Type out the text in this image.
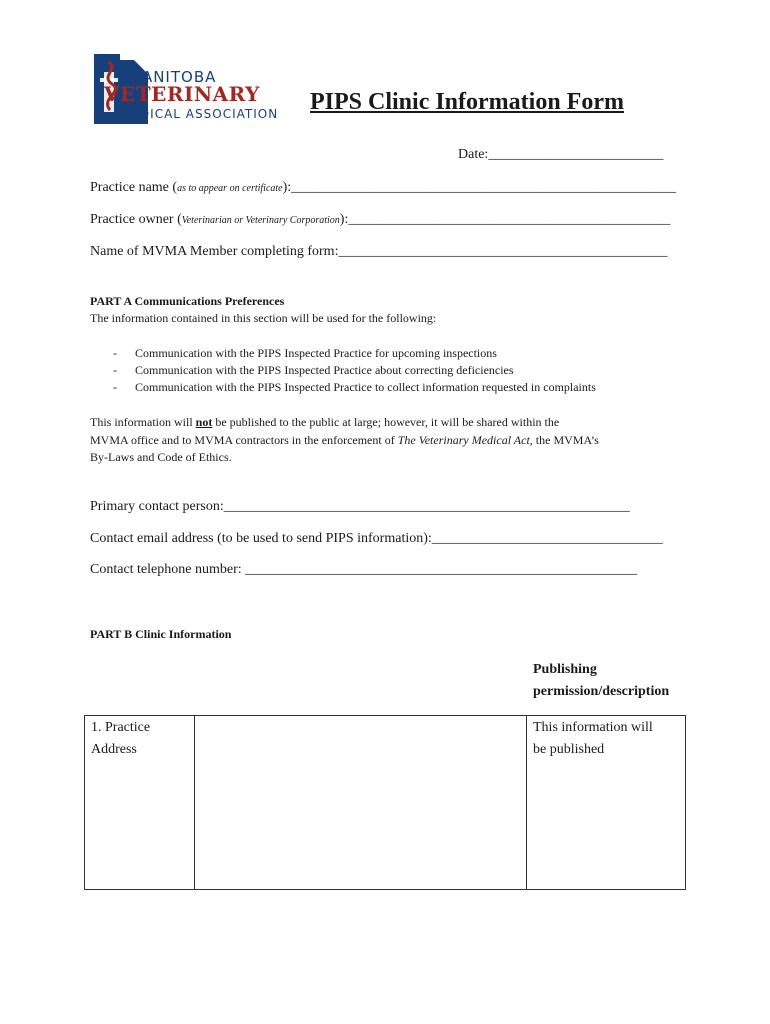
MANITOBA
VETERINARY
MEDICAL ASSOCIATION PIPS Clinic Information Form
Date:_________________________
Practice name (as to appear on certificate):_______________________________________________________
Practice owner (Veterinarian or Veterinary Corporation):______________________________________________
Name of MVMA Member completing form:_______________________________________________
PART A Communications Preferences
The information contained in this section will be used for the following:
- Communication with the PIPS Inspected Practice for upcoming inspections
- Communication with the PIPS Inspected Practice about correcting deficiencies
- Communication with the PIPS Inspected Practice to collect information requested in complaints
This information will not be published to the public at large; however, it will be shared within the
MVMA office and to MVMA contractors in the enforcement of The Veterinary Medical Act, the MVMA’s
By-Laws and Code of Ethics.
Primary contact person:__________________________________________________________
Contact email address (to be used to send PIPS information):_________________________________
Contact telephone number: ________________________________________________________
PART B Clinic Information
Publishing
permission/description
1. Practice
Address
This information will
be published
